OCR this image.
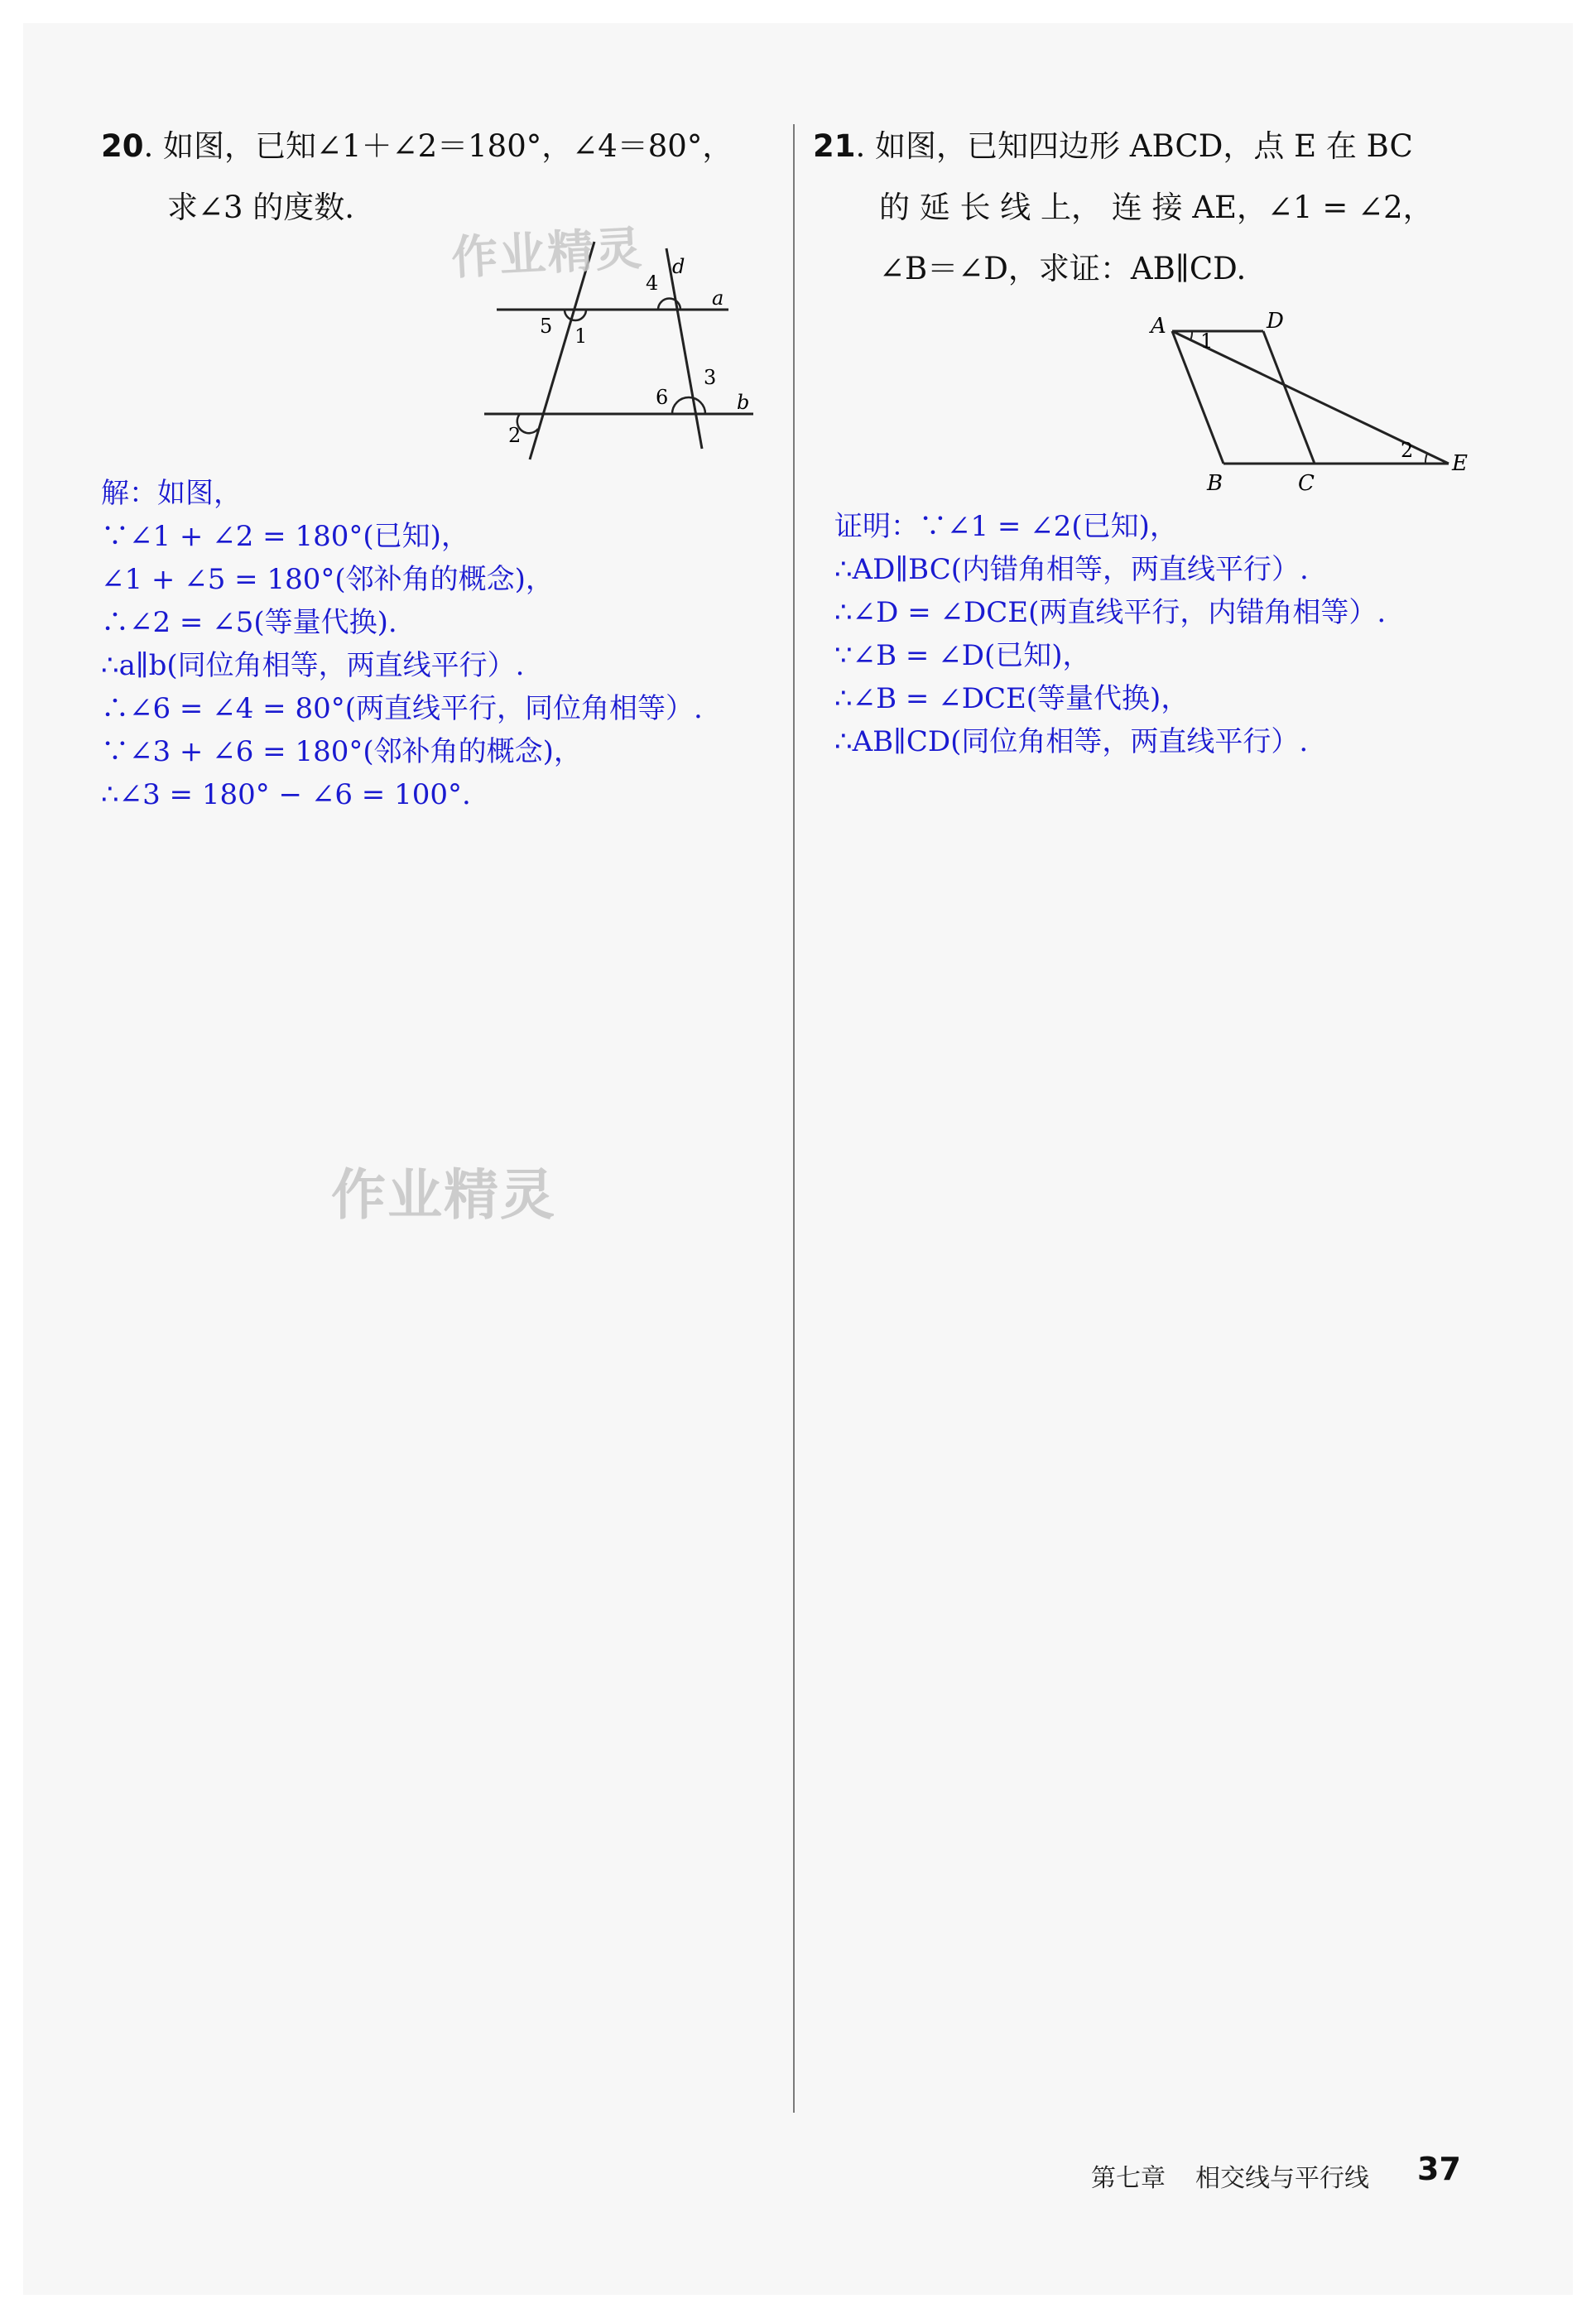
20. 如图，已知∠1＋∠2＝180°，∠4＝80°，
求∠3 的度数.
4
d
a
5 1
6
3
b
2
解：如图，
∵∠1 + ∠2 = 180°(已知)，
∠1 + ∠5 = 180°(邻补角的概念)，
∴∠2 = ∠5(等量代换).
∴a∥b(同位角相等，两直线平行）.
∴∠6 = ∠4 = 80°(两直线平行，同位角相等）.
∵∠3 + ∠6 = 180°(邻补角的概念)，
∴∠3 = 180° − ∠6 = 100°.
21. 如图，已知四边形 ABCD，点 E 在 BC
的 延 长 线 上， 连 接 AE，∠1 = ∠2，
∠B＝∠D，求证：AB∥CD.
A	D
1
2
E
B	C
证明：∵∠1 = ∠2(已知)，
∴AD∥BC(内错角相等，两直线平行）.
∴∠D = ∠DCE(两直线平行，内错角相等）.
∵∠B = ∠D(已知)，
∴∠B = ∠DCE(等量代换)，
∴AB∥CD(同位角相等，两直线平行）.
作业精灵
作业精灵
第七章 相交线与平行线 37
